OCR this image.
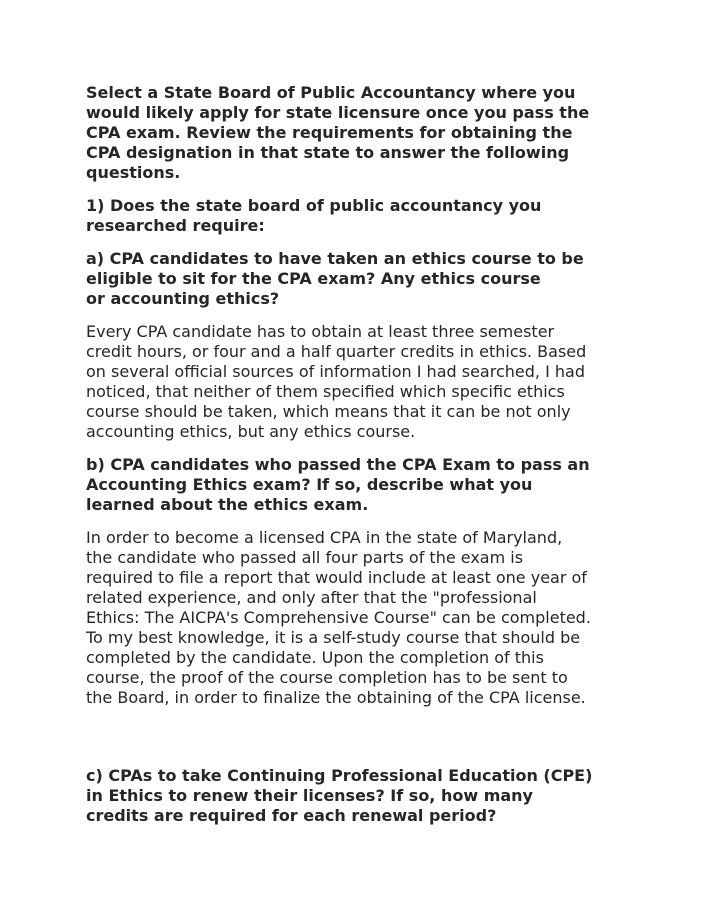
Select a State Board of Public Accountancy where you
would likely apply for state licensure once you pass the
CPA exam. Review the requirements for obtaining the
CPA designation in that state to answer the following
questions.

1) Does the state board of public accountancy you
researched require:

a) CPA candidates to have taken an ethics course to be
eligible to sit for the CPA exam? Any ethics course
or accounting ethics?

Every CPA candidate has to obtain at least three semester
credit hours, or four and a half quarter credits in ethics. Based
on several official sources of information I had searched, I had
noticed, that neither of them specified which specific ethics
course should be taken, which means that it can be not only
accounting ethics, but any ethics course.

b) CPA candidates who passed the CPA Exam to pass an
Accounting Ethics exam? If so, describe what you
learned about the ethics exam.

In order to become a licensed CPA in the state of Maryland,
the candidate who passed all four parts of the exam is
required to file a report that would include at least one year of
related experience, and only after that the "professional
Ethics: The AICPA's Comprehensive Course" can be completed.
To my best knowledge, it is a self-study course that should be
completed by the candidate. Upon the completion of this
course, the proof of the course completion has to be sent to
the Board, in order to finalize the obtaining of the CPA license.

c) CPAs to take Continuing Professional Education (CPE)
in Ethics to renew their licenses? If so, how many
credits are required for each renewal period?
